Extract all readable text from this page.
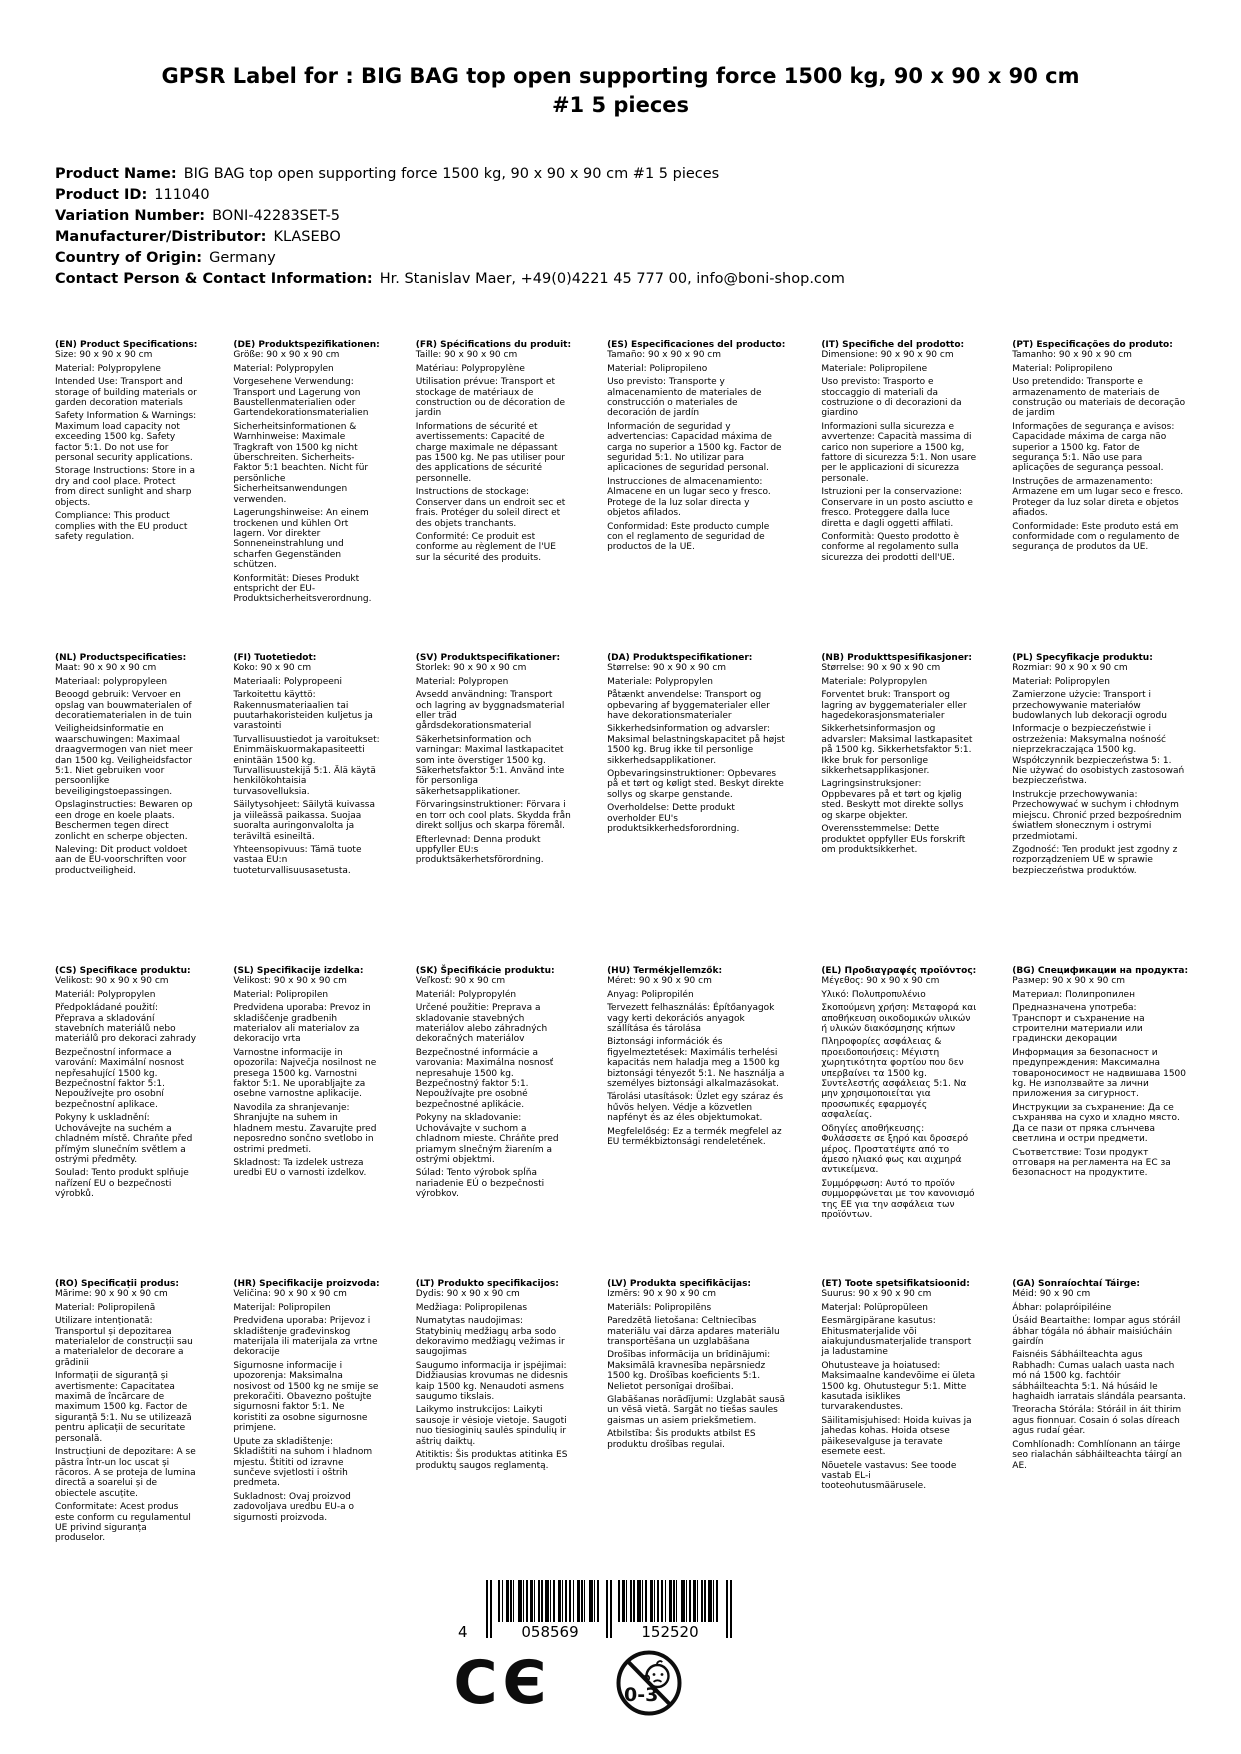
GPSR Label for : BIG BAG top open supporting force 1500 kg, 90 x 90 x 90 cm #1 5 pieces
Product Name: BIG BAG top open supporting force 1500 kg, 90 x 90 x 90 cm #1 5 pieces
Product ID: 111040
Variation Number: BONI-42283SET-5
Manufacturer/Distributor: KLASEBO
Country of Origin: Germany
Contact Person & Contact Information: Hr. Stanislav Maer, +49(0)4221 45 777 00, info@boni-shop.com
(EN) Product Specifications:

Size: 90 x 90 x 90 cm

Material: Polypropylene

Intended Use: Transport and storage of building materials or garden decoration materials

Safety Information & Warnings: Maximum load capacity not exceeding 1500 kg. Safety factor 5:1. Do not use for personal security applications.

Storage Instructions: Store in a dry and cool place. Protect from direct sunlight and sharp objects.

Compliance: This product complies with the EU product safety regulation.

(DE) Produktspezifikationen:

Größe: 90 x 90 x 90 cm

Material: Polypropylen

Vorgesehene Verwendung: Transport und Lagerung von Baustellenmaterialien oder Gartendekorationsmaterialien

Sicherheitsinformationen & Warnhinweise: Maximale Tragkraft von 1500 kg nicht überschreiten. Sicherheits-Faktor 5:1 beachten. Nicht für persönliche Sicherheitsanwendungen verwenden.

Lagerungshinweise: An einem trockenen und kühlen Ort lagern. Vor direkter Sonneneinstrahlung und scharfen Gegenständen schützen.

Konformität: Dieses Produkt entspricht der EU-Produktsicherheitsverordnung.

(FR) Spécifications du produit:

Taille: 90 x 90 x 90 cm

Matériau: Polypropylène

Utilisation prévue: Transport et stockage de matériaux de construction ou de décoration de jardin

Informations de sécurité et avertissements: Capacité de charge maximale ne dépassant pas 1500 kg. Ne pas utiliser pour des applications de sécurité personnelle.

Instructions de stockage: Conserver dans un endroit sec et frais. Protéger du soleil direct et des objets tranchants.

Conformité: Ce produit est conforme au règlement de l'UE sur la sécurité des produits.

(ES) Especificaciones del producto:

Tamaño: 90 x 90 x 90 cm

Material: Polipropileno

Uso previsto: Transporte y almacenamiento de materiales de construcción o materiales de decoración de jardín

Información de seguridad y advertencias: Capacidad máxima de carga no superior a 1500 kg. Factor de seguridad 5:1. No utilizar para aplicaciones de seguridad personal.

Instrucciones de almacenamiento: Almacene en un lugar seco y fresco. Protege de la luz solar directa y objetos afilados.

Conformidad: Este producto cumple con el reglamento de seguridad de productos de la UE.

(IT) Specifiche del prodotto:

Dimensione: 90 x 90 x 90 cm

Materiale: Polipropilene

Uso previsto: Trasporto e stoccaggio di materiali da costruzione o di decorazioni da giardino

Informazioni sulla sicurezza e avvertenze: Capacità massima di carico non superiore a 1500 kg, fattore di sicurezza 5:1. Non usare per le applicazioni di sicurezza personale.

Istruzioni per la conservazione: Conservare in un posto asciutto e fresco. Proteggere dalla luce diretta e dagli oggetti affilati.

Conformità: Questo prodotto è conforme al regolamento sulla sicurezza dei prodotti dell'UE.

(PT) Especificações do produto:

Tamanho: 90 x 90 x 90 cm

Material: Polipropileno

Uso pretendido: Transporte e armazenamento de materiais de construção ou materiais de decoração de jardim

Informações de segurança e avisos: Capacidade máxima de carga não superior a 1500 kg. Fator de segurança 5:1. Não use para aplicações de segurança pessoal.

Instruções de armazenamento: Armazene em um lugar seco e fresco. Proteger da luz solar direta e objetos afiados.

Conformidade: Este produto está em conformidade com o regulamento de segurança de produtos da UE.

(NL) Productspecificaties:

Maat: 90 x 90 x 90 cm

Materiaal: polypropyleen

Beoogd gebruik: Vervoer en opslag van bouwmaterialen of decoratiematerialen in de tuin

Veiligheidsinformatie en waarschuwingen: Maximaal draagvermogen van niet meer dan 1500 kg. Veiligheidsfactor 5:1. Niet gebruiken voor persoonlijke beveiligingstoepassingen.

Opslaginstructies: Bewaren op een droge en koele plaats. Beschermen tegen direct zonlicht en scherpe objecten.

Naleving: Dit product voldoet aan de EU-voorschriften voor productveiligheid.

(FI) Tuotetiedot:

Koko: 90 x 90 cm

Materiaali: Polypropeeni

Tarkoitettu käyttö: Rakennusmateriaalien tai puutarhakoristeiden kuljetus ja varastointi

Turvallisuustiedot ja varoitukset: Enimmäiskuormakapasiteetti enintään 1500 kg. Turvallisuustekijä 5:1. Älä käytä henkilökohtaisia turvasovelluksia.

Säilytysohjeet: Säilytä kuivassa ja viileässä paikassa. Suojaa suoralta auringonvalolta ja teräviltä esineiltä.

Yhteensopivuus: Tämä tuote vastaa EU:n tuoteturvallisuusasetusta.

(SV) Produktspecifikationer:

Storlek: 90 x 90 x 90 cm

Material: Polypropen

Avsedd användning: Transport och lagring av byggnadsmaterial eller träd gårdsdekorationsmaterial

Säkerhetsinformation och varningar: Maximal lastkapacitet som inte överstiger 1500 kg. Säkerhetsfaktor 5:1. Använd inte för personliga säkerhetsapplikationer.

Förvaringsinstruktioner: Förvara i en torr och cool plats. Skydda från direkt solljus och skarpa föremål.

Efterlevnad: Denna produkt uppfyller EU:s produktsäkerhetsförordning.

(DA) Produktspecifikationer:

Størrelse: 90 x 90 x 90 cm

Materiale: Polypropylen

Påtænkt anvendelse: Transport og opbevaring af byggematerialer eller have dekorationsmaterialer

Sikkerhedsinformation og advarsler: Maksimal belastningskapacitet på højst 1500 kg. Brug ikke til personlige sikkerhedsapplikationer.

Opbevaringsinstruktioner: Opbevares på et tørt og køligt sted. Beskyt direkte sollys og skarpe genstande.

Overholdelse: Dette produkt overholder EU's produktsikkerhedsforordning.

(NB) Produkttspesifikasjoner:

Størrelse: 90 x 90 x 90 cm

Materiale: Polypropylen

Forventet bruk: Transport og lagring av byggematerialer eller hagedekorasjonsmaterialer

Sikkerhetsinformasjon og advarsler: Maksimal lastkapasitet på 1500 kg. Sikkerhetsfaktor 5:1. Ikke bruk for personlige sikkerhetsapplikasjoner.

Lagringsinstruksjoner: Oppbevares på et tørt og kjølig sted. Beskytt mot direkte sollys og skarpe objekter.

Overensstemmelse: Dette produktet oppfyller EUs forskrift om produktsikkerhet.

(PL) Specyfikacje produktu:

Rozmiar: 90 x 90 x 90 cm

Materiał: Polipropylen

Zamierzone użycie: Transport i przechowywanie materiałów budowlanych lub dekoracji ogrodu

Informacje o bezpieczeństwie i ostrzeżenia: Maksymalna nośność nieprzekraczająca 1500 kg. Współczynnik bezpieczeństwa 5: 1. Nie używać do osobistych zastosowań bezpieczeństwa.

Instrukcje przechowywania: Przechowywać w suchym i chłodnym miejscu. Chronić przed bezpośrednim światłem słonecznym i ostrymi przedmiotami.

Zgodność: Ten produkt jest zgodny z rozporządzeniem UE w sprawie bezpieczeństwa produktów.

(CS) Specifikace produktu:

Velikost: 90 x 90 x 90 cm

Materiál: Polypropylen

Předpokládané použití: Přeprava a skladování stavebních materiálů nebo materiálů pro dekoraci zahrady

Bezpečnostní informace a varování: Maximální nosnost nepřesahující 1500 kg. Bezpečnostní faktor 5:1. Nepoužívejte pro osobní bezpečnostní aplikace.

Pokyny k uskladnění: Uchovávejte na suchém a chladném místě. Chraňte před přímým slunečním světlem a ostrými předměty.

Soulad: Tento produkt splňuje nařízení EU o bezpečnosti výrobků.

(SL) Specifikacije izdelka:

Velikost: 90 x 90 x 90 cm

Material: Polipropilen

Predvidena uporaba: Prevoz in skladiščenje gradbenih materialov ali materialov za dekoracijo vrta

Varnostne informacije in opozorila: Največja nosilnost ne presega 1500 kg. Varnostni faktor 5:1. Ne uporabljajte za osebne varnostne aplikacije.

Navodila za shranjevanje: Shranjujte na suhem in hladnem mestu. Zavarujte pred neposredno sončno svetlobo in ostrimi predmeti.

Skladnost: Ta izdelek ustreza uredbi EU o varnosti izdelkov.

(SK) Špecifikácie produktu:

Veľkosť: 90 x 90 cm

Materiál: Polypropylén

Určené použitie: Preprava a skladovanie stavebných materiálov alebo záhradných dekoračných materiálov

Bezpečnostné informácie a varovania: Maximálna nosnosť nepresahuje 1500 kg. Bezpečnostný faktor 5:1. Nepoužívajte pre osobné bezpečnostné aplikácie.

Pokyny na skladovanie: Uchovávajte v suchom a chladnom mieste. Chráňte pred priamym slnečným žiarením a ostrými objektmi.

Súlad: Tento výrobok spĺňa nariadenie EÚ o bezpečnosti výrobkov.

(HU) Termékjellemzők:

Méret: 90 x 90 x 90 cm

Anyag: Polipropilén

Tervezett felhasználás: Építőanyagok vagy kerti dekorációs anyagok szállítása és tárolása

Biztonsági információk és figyelmeztetések: Maximális terhelési kapacitás nem haladja meg a 1500 kg biztonsági tényezőt 5:1. Ne használja a személyes biztonsági alkalmazásokat.

Tárolási utasítások: Üzlet egy száraz és hűvös helyen. Védje a közvetlen napfényt és az éles objektumokat.

Megfelelőség: Ez a termék megfelel az EU termékbiztonsági rendeletének.

(EL) Προδιαγραφές προϊόντος:

Μέγεθος: 90 x 90 x 90 cm

Υλικό: Πολυπροπυλένιο

Σκοπούμενη χρήση: Μεταφορά και αποθήκευση οικοδομικών υλικών ή υλικών διακόσμησης κήπων

Πληροφορίες ασφάλειας & προειδοποιήσεις: Μέγιστη χωρητικότητα φορτίου που δεν υπερβαίνει τα 1500 kg. Συντελεστής ασφάλειας 5:1. Να μην χρησιμοποιείται για προσωπικές εφαρμογές ασφαλείας.

Οδηγίες αποθήκευσης: Φυλάσσετε σε ξηρό και δροσερό μέρος. Προστατέψτε από το άμεσο ηλιακό φως και αιχμηρά αντικείμενα.

Συμμόρφωση: Αυτό το προϊόν συμμορφώνεται με τον κανονισμό της ΕΕ για την ασφάλεια των προϊόντων.

(BG) Спецификации на продукта:

Размер: 90 x 90 x 90 cm

Материал: Полипропилен

Предназначена употреба: Транспорт и съхранение на строителни материали или градински декорации

Информация за безопасност и предупреждения: Максимална товароносимост не надвишава 1500 kg. Не използвайте за лични приложения за сигурност.

Инструкции за съхранение: Да се съхранява на сухо и хладно място. Да се пази от пряка слънчева светлина и остри предмети.

Съответствие: Този продукт отговаря на регламента на ЕС за безопасност на продуктите.

(RO) Specificații produs:

Mărime: 90 x 90 x 90 cm

Material: Polipropilenă

Utilizare intenționată: Transportul și depozitarea materialelor de construcții sau a materialelor de decorare a grădinii

Informații de siguranță și avertismente: Capacitatea maximă de încărcare de maximum 1500 kg. Factor de siguranță 5:1. Nu se utilizează pentru aplicații de securitate personală.

Instrucțiuni de depozitare: A se păstra într-un loc uscat și răcoros. A se proteja de lumina directă a soarelui și de obiectele ascuțite.

Conformitate: Acest produs este conform cu regulamentul UE privind siguranța produselor.

(HR) Specifikacije proizvoda:

Veličina: 90 x 90 x 90 cm

Materijal: Polipropilen

Predviđena uporaba: Prijevoz i skladištenje građevinskog materijala ili materijala za vrtne dekoracije

Sigurnosne informacije i upozorenja: Maksimalna nosivost od 1500 kg ne smije se prekoračiti. Obavezno poštujte sigurnosni faktor 5:1. Ne koristiti za osobne sigurnosne primjene.

Upute za skladištenje: Skladištiti na suhom i hladnom mjestu. Štititi od izravne sunčeve svjetlosti i oštrih predmeta.

Sukladnost: Ovaj proizvod zadovoljava uredbu EU-a o sigurnosti proizvoda.

(LT) Produkto specifikacijos:

Dydis: 90 x 90 x 90 cm

Medžiaga: Polipropilenas

Numatytas naudojimas: Statybinių medžiagų arba sodo dekoravimo medžiagų vežimas ir saugojimas

Saugumo informacija ir įspėjimai: Didžiausias krovumas ne didesnis kaip 1500 kg. Nenaudoti asmens saugumo tikslais.

Laikymo instrukcijos: Laikyti sausoje ir vėsioje vietoje. Saugoti nuo tiesioginių saulės spindulių ir aštrių daiktų.

Atitiktis: Šis produktas atitinka ES produktų saugos reglamentą.

(LV) Produkta specifikācijas:

Izmērs: 90 x 90 x 90 cm

Materiāls: Polipropilēns

Paredzētā lietošana: Celtniecības materiālu vai dārza apdares materiālu transportēšana un uzglabāšana

Drošības informācija un brīdinājumi: Maksimālā kravnesība nepārsniedz 1500 kg. Drošības koeficients 5:1. Nelietot personīgai drošībai.

Glabāšanas norādījumi: Uzglabāt sausā un vēsā vietā. Sargāt no tiešas saules gaismas un asiem priekšmetiem.

Atbilstība: Šis produkts atbilst ES produktu drošības regulai.

(ET) Toote spetsifikatsioonid:

Suurus: 90 x 90 x 90 cm

Materjal: Polüpropüleen

Eesmärgipärane kasutus: Ehitusmaterjalide või aiakujundusmaterjalide transport ja ladustamine

Ohutusteave ja hoiatused: Maksimaalne kandevõime ei ületa 1500 kg. Ohutustegur 5:1. Mitte kasutada isiklikes turvarakendustes.

Säilitamisjuhised: Hoida kuivas ja jahedas kohas. Hoida otsese päikesevalguse ja teravate esemete eest.

Nõuetele vastavus: See toode vastab EL-i tooteohutusmäärusele.

(GA) Sonraíochtaí Táirge:

Méid: 90 x 90 cm

Ábhar: polapróipiléine

Úsáid Beartaithe: Iompar agus stóráil ábhar tógála nó ábhair maisiúcháin gairdín

Faisnéis Sábháilteachta agus Rabhadh: Cumas ualach uasta nach mó ná 1500 kg. fachtóir sábháilteachta 5:1. Ná húsáid le haghaidh iarratais slándála pearsanta.

Treoracha Stórála: Stóráil in áit thirim agus fionnuar. Cosain ó solas díreach agus rudaí géar.

Comhlíonadh: Comhlíonann an táirge seo rialachán sábháilteachta táirgí an AE.

4	058569	152520
CЄ	0-3
